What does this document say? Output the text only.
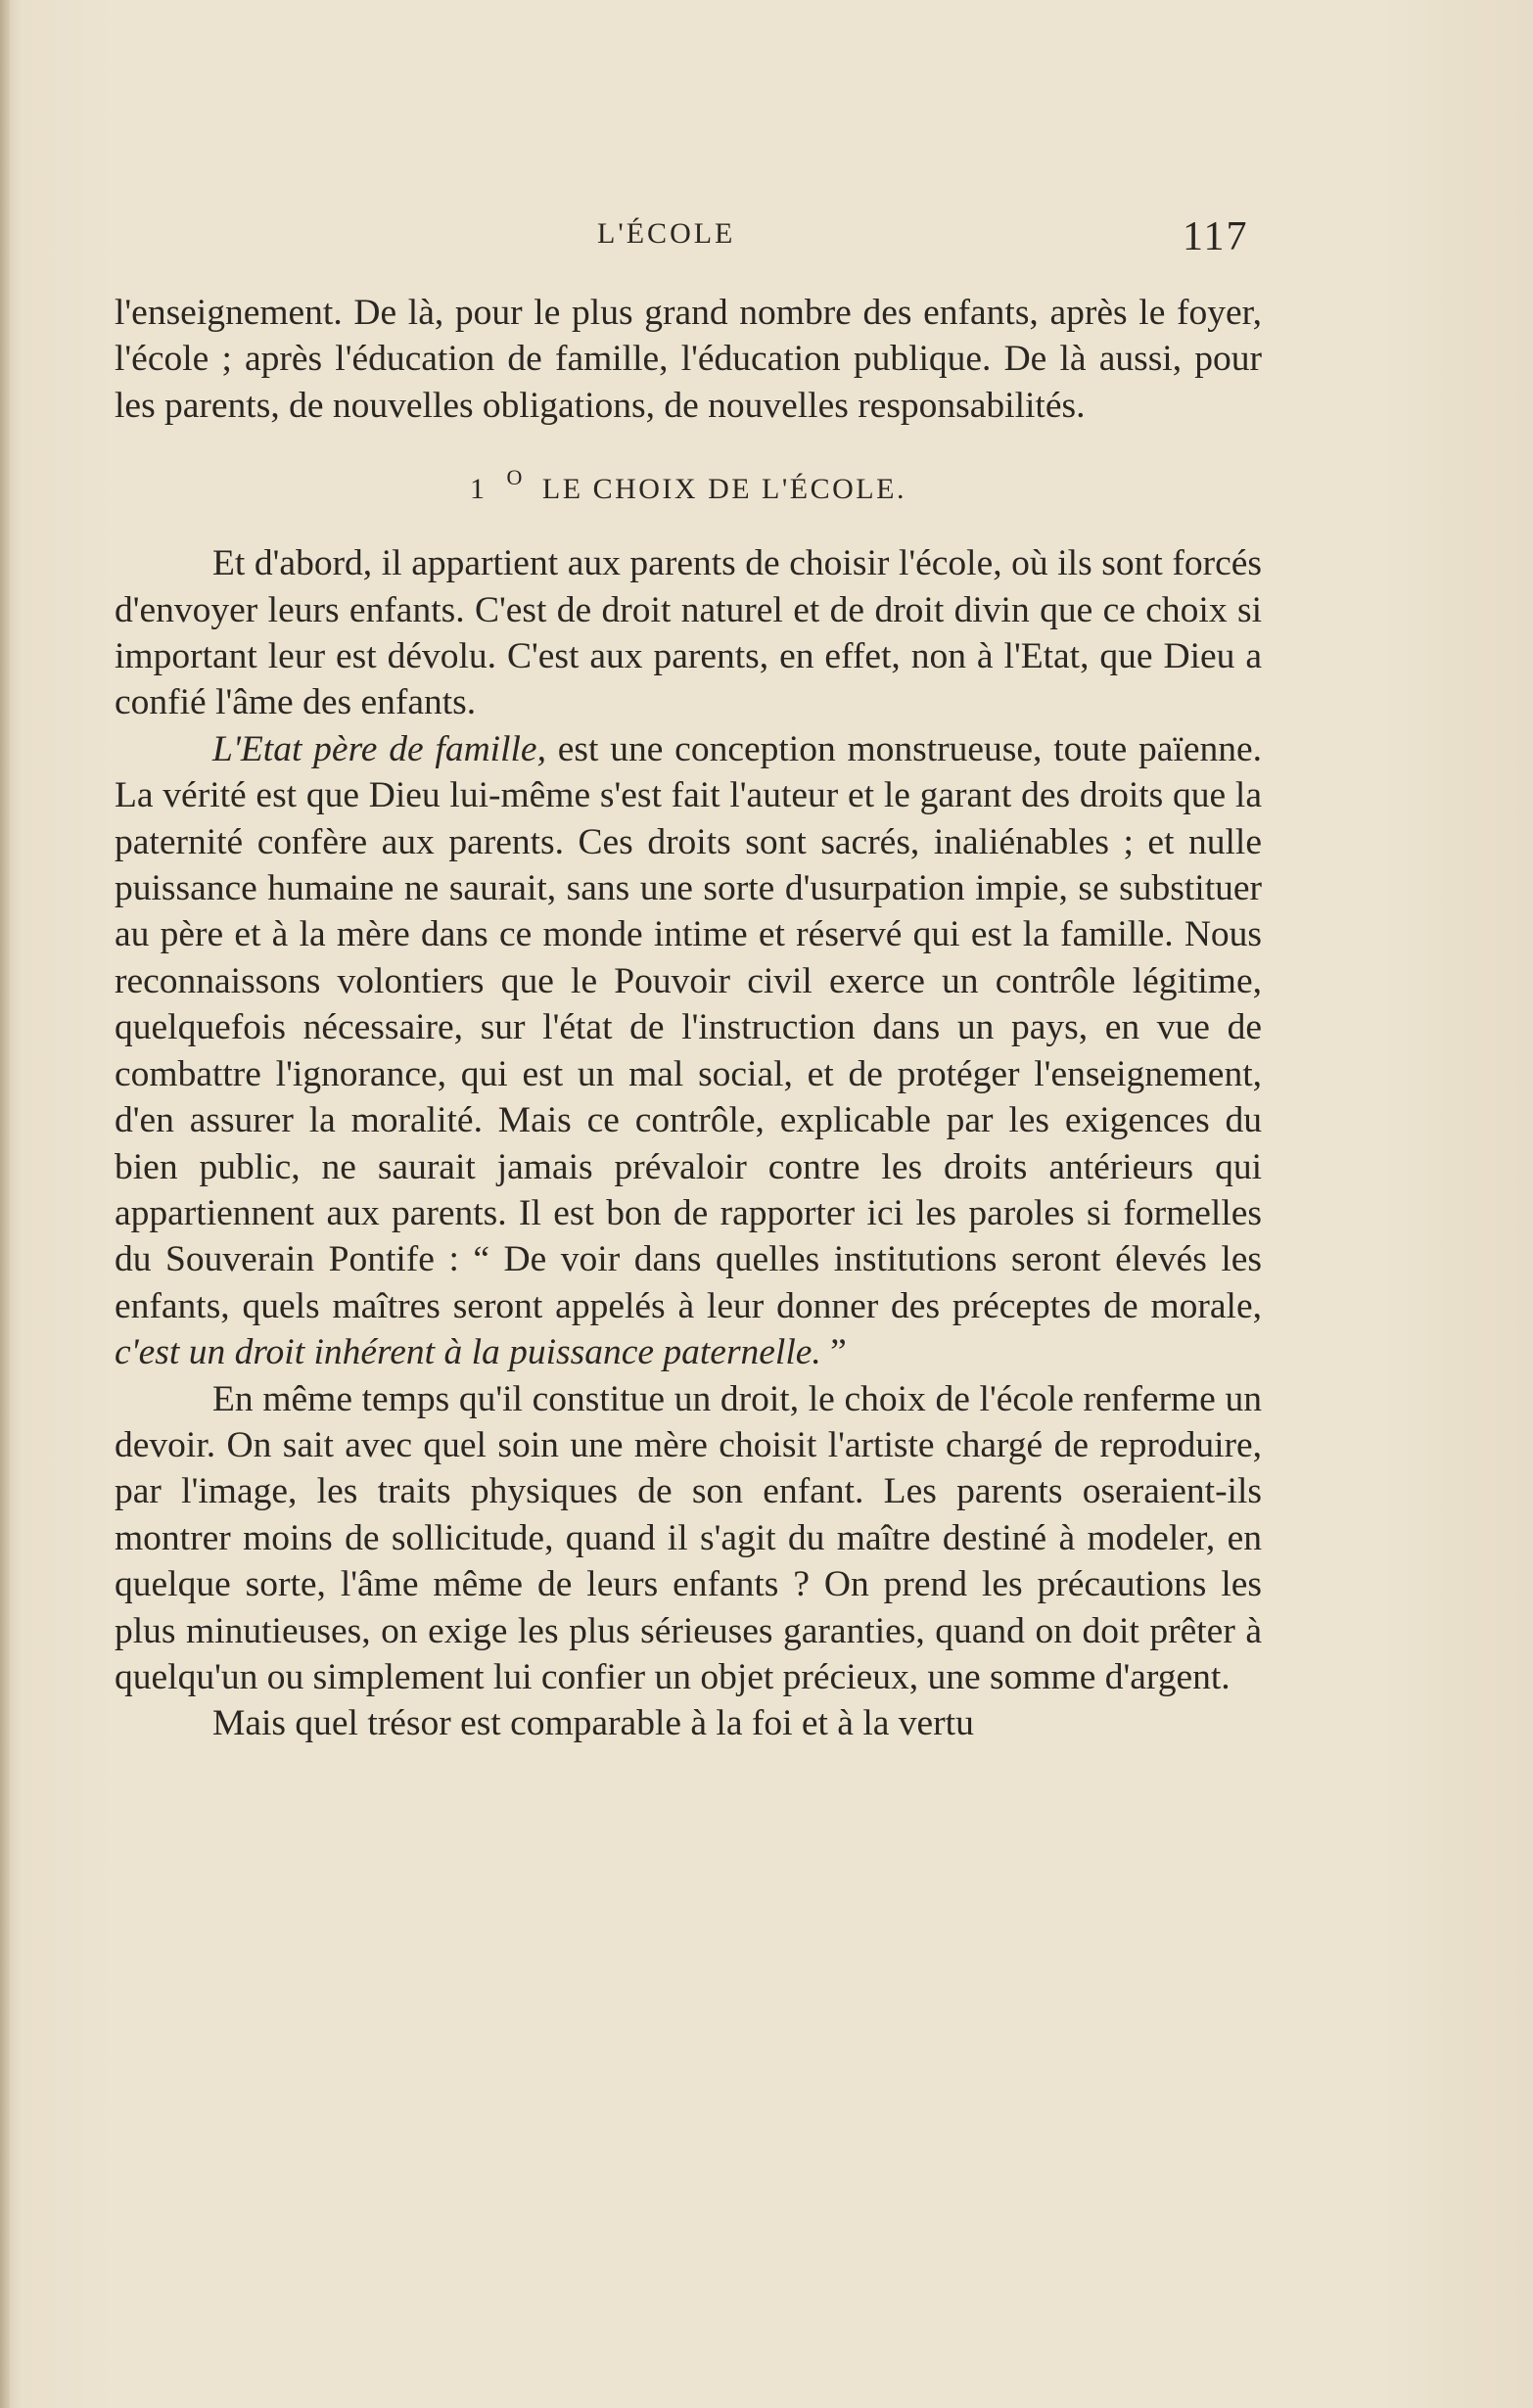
L'ÉCOLE	117

l'enseignement. De là, pour le plus grand nombre des enfants, après le foyer, l'école ; après l'éducation de famille, l'éducation publique. De là aussi, pour les parents, de nouvelles obligations, de nouvelles responsabilités.

1 $^O$ LE CHOIX DE L'ÉCOLE.

Et d'abord, il appartient aux parents de choisir l'école, où ils sont forcés d'envoyer leurs enfants. C'est de droit naturel et de droit divin que ce choix si important leur est dévolu. C'est aux parents, en effet, non à l'Etat, que Dieu a confié l'âme des enfants.

L'Etat père de famille, est une conception monstrueuse, toute païenne. La vérité est que Dieu lui-même s'est fait l'auteur et le garant des droits que la paternité confère aux parents. Ces droits sont sacrés, inaliénables ; et nulle puissance humaine ne saurait, sans une sorte d'usurpation impie, se substituer au père et à la mère dans ce monde intime et réservé qui est la famille. Nous reconnaissons volontiers que le Pouvoir civil exerce un contrôle légitime, quelquefois nécessaire, sur l'état de l'instruction dans un pays, en vue de combattre l'ignorance, qui est un mal social, et de protéger l'enseignement, d'en assurer la moralité. Mais ce contrôle, explicable par les exigences du bien public, ne saurait jamais prévaloir contre les droits antérieurs qui appartiennent aux parents. Il est bon de rapporter ici les paroles si formelles du Souverain Pontife : “ De voir dans quelles institutions seront élevés les enfants, quels maîtres seront appelés à leur donner des préceptes de morale, c'est un droit inhérent à la puissance paternelle. ”

En même temps qu'il constitue un droit, le choix de l'école renferme un devoir. On sait avec quel soin une mère choisit l'artiste chargé de reproduire, par l'image, les traits physiques de son enfant. Les parents oseraient-ils montrer moins de sollicitude, quand il s'agit du maître destiné à modeler, en quelque sorte, l'âme même de leurs enfants ? On prend les précautions les plus minutieuses, on exige les plus sérieuses garanties, quand on doit prêter à quelqu'un ou simplement lui confier un objet précieux, une somme d'argent.

Mais quel trésor est comparable à la foi et à la vertu
